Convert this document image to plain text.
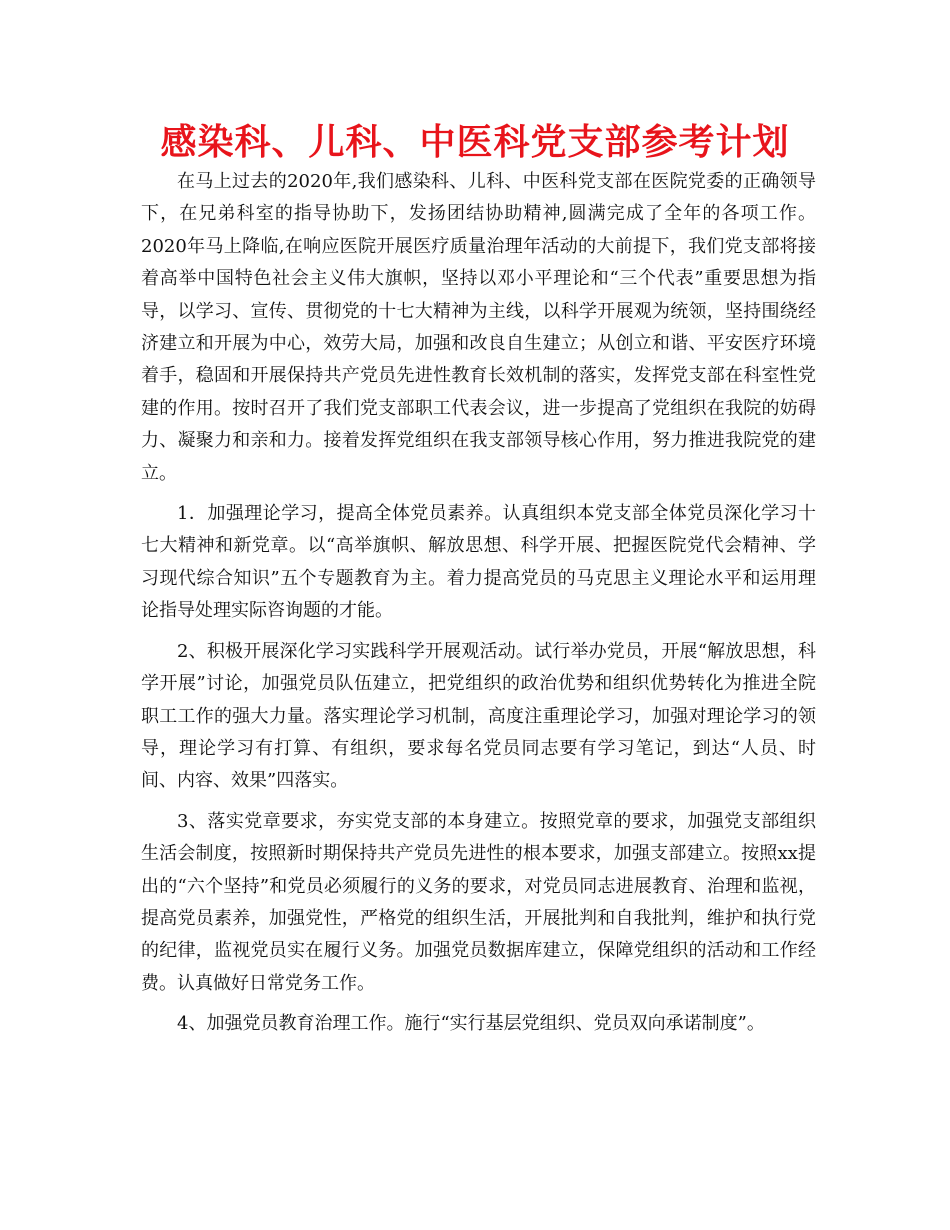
感染科、儿科、中医科党支部参考计划

在马上过去的2020年,我们感染科、儿科、中医科党支部在医院党委的正确领导下，在兄弟科室的指导协助下，发扬团结协助精神,圆满完成了全年的各项工作。2020年马上降临,在响应医院开展医疗质量治理年活动的大前提下，我们党支部将接着高举中国特色社会主义伟大旗帜，坚持以邓小平理论和“三个代表”重要思想为指导，以学习、宣传、贯彻党的十七大精神为主线，以科学开展观为统领，坚持围绕经济建立和开展为中心，效劳大局，加强和改良自生建立；从创立和谐、平安医疗环境着手，稳固和开展保持共产党员先进性教育长效机制的落实，发挥党支部在科室性党建的作用。按时召开了我们党支部职工代表会议，进一步提高了党组织在我院的妨碍力、凝聚力和亲和力。接着发挥党组织在我支部领导核心作用，努力推进我院党的建立。

1．加强理论学习，提高全体党员素养。认真组织本党支部全体党员深化学习十七大精神和新党章。以“高举旗帜、解放思想、科学开展、把握医院党代会精神、学习现代综合知识”五个专题教育为主。着力提高党员的马克思主义理论水平和运用理论指导处理实际咨询题的才能。

2、积极开展深化学习实践科学开展观活动。试行举办党员，开展“解放思想，科学开展”讨论，加强党员队伍建立，把党组织的政治优势和组织优势转化为推进全院职工工作的强大力量。落实理论学习机制，高度注重理论学习，加强对理论学习的领导，理论学习有打算、有组织，要求每名党员同志要有学习笔记，到达“人员、时间、内容、效果”四落实。

3、落实党章要求，夯实党支部的本身建立。按照党章的要求，加强党支部组织生活会制度，按照新时期保持共产党员先进性的根本要求，加强支部建立。按照xx提出的“六个坚持”和党员必须履行的义务的要求，对党员同志进展教育、治理和监视，提高党员素养，加强党性，严格党的组织生活，开展批判和自我批判，维护和执行党的纪律，监视党员实在履行义务。加强党员数据库建立，保障党组织的活动和工作经费。认真做好日常党务工作。

4、加强党员教育治理工作。施行“实行基层党组织、党员双向承诺制度”。
